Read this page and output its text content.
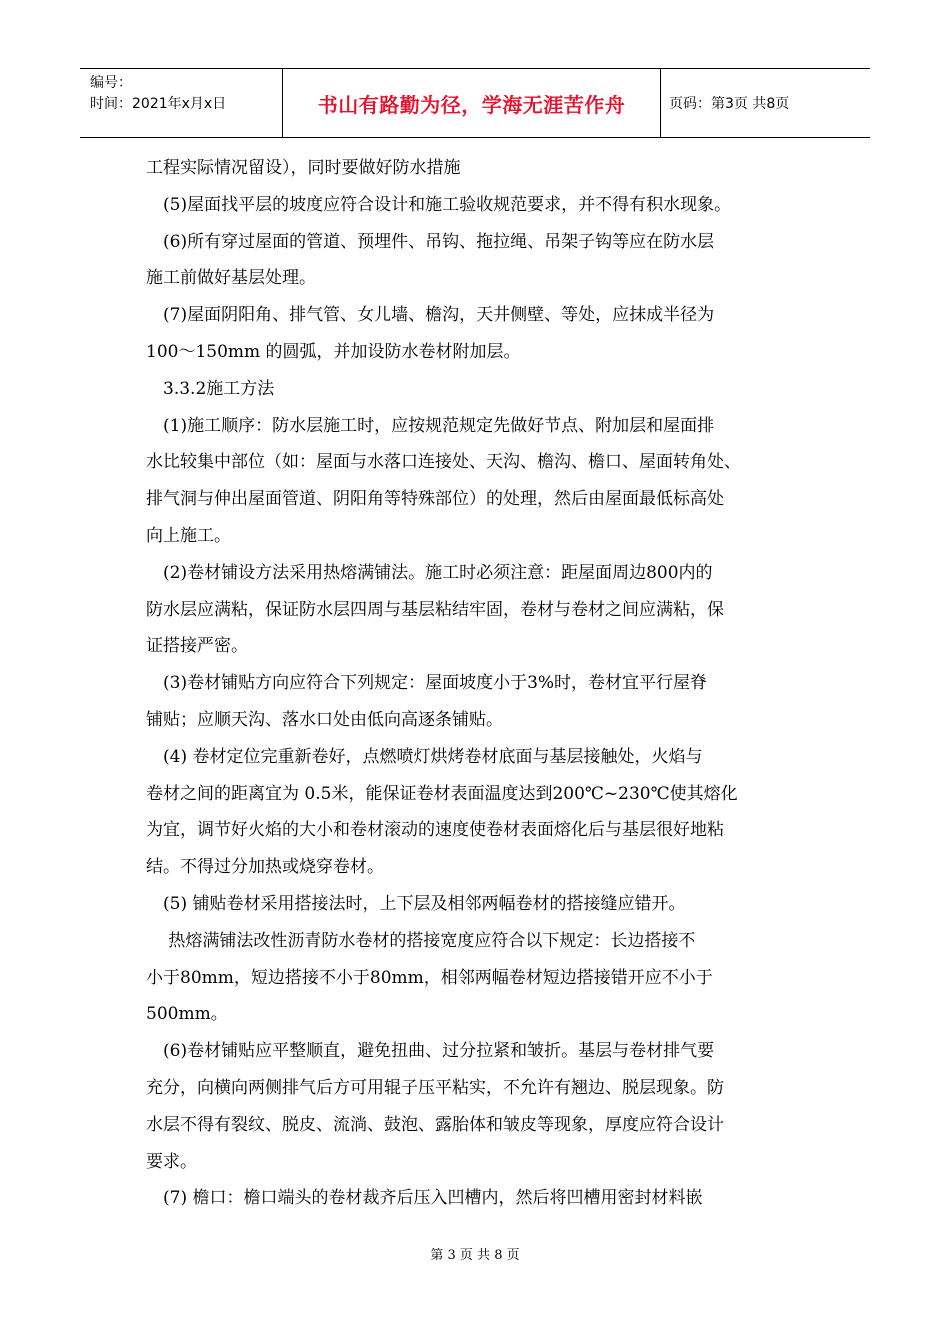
编号：
时间：2021年x月x日	书山有路勤为径，学海无涯苦作舟	页码：第3页 共8页

工程实际情况留设），同时要做好防水措施

　(5)屋面找平层的坡度应符合设计和施工验收规范要求，并不得有积水现象。

　(6)所有穿过屋面的管道、预埋件、吊钩、拖拉绳、吊架子钩等应在防水层

施工前做好基层处理。

　(7)屋面阴阳角、排气管、女儿墙、檐沟，天井侧壁、等处，应抹成半径为

100～150mm 的圆弧，并加设防水卷材附加层。

　3.3.2施工方法

　(1)施工顺序：防水层施工时，应按规范规定先做好节点、附加层和屋面排

水比较集中部位（如：屋面与水落口连接处、天沟、檐沟、檐口、屋面转角处、

排气洞与伸出屋面管道、阴阳角等特殊部位）的处理，然后由屋面最低标高处

向上施工。

　(2)卷材铺设方法采用热熔满铺法。施工时必须注意：距屋面周边800内的

防水层应满粘，保证防水层四周与基层粘结牢固，卷材与卷材之间应满粘，保

证搭接严密。

　(3)卷材铺贴方向应符合下列规定：屋面坡度小于3%时，卷材宜平行屋脊

铺贴；应顺天沟、落水口处由低向高逐条铺贴。

　(4) 卷材定位完重新卷好，点燃喷灯烘烤卷材底面与基层接触处，火焰与

卷材之间的距离宜为 0.5米，能保证卷材表面温度达到200℃~230℃使其熔化

为宜，调节好火焰的大小和卷材滚动的速度使卷材表面熔化后与基层很好地粘

结。不得过分加热或烧穿卷材。

　(5) 铺贴卷材采用搭接法时，上下层及相邻两幅卷材的搭接缝应错开。

　 热熔满铺法改性沥青防水卷材的搭接宽度应符合以下规定：长边搭接不

小于80mm，短边搭接不小于80mm，相邻两幅卷材短边搭接错开应不小于

500mm。

　(6)卷材铺贴应平整顺直，避免扭曲、过分拉紧和皱折。基层与卷材排气要

充分，向横向两侧排气后方可用辊子压平粘实，不允许有翘边、脱层现象。防

水层不得有裂纹、脱皮、流淌、鼓泡、露胎体和皱皮等现象，厚度应符合设计

要求。

　(7) 檐口：檐口端头的卷材裁齐后压入凹槽内，然后将凹槽用密封材料嵌

第 3 页 共 8 页
